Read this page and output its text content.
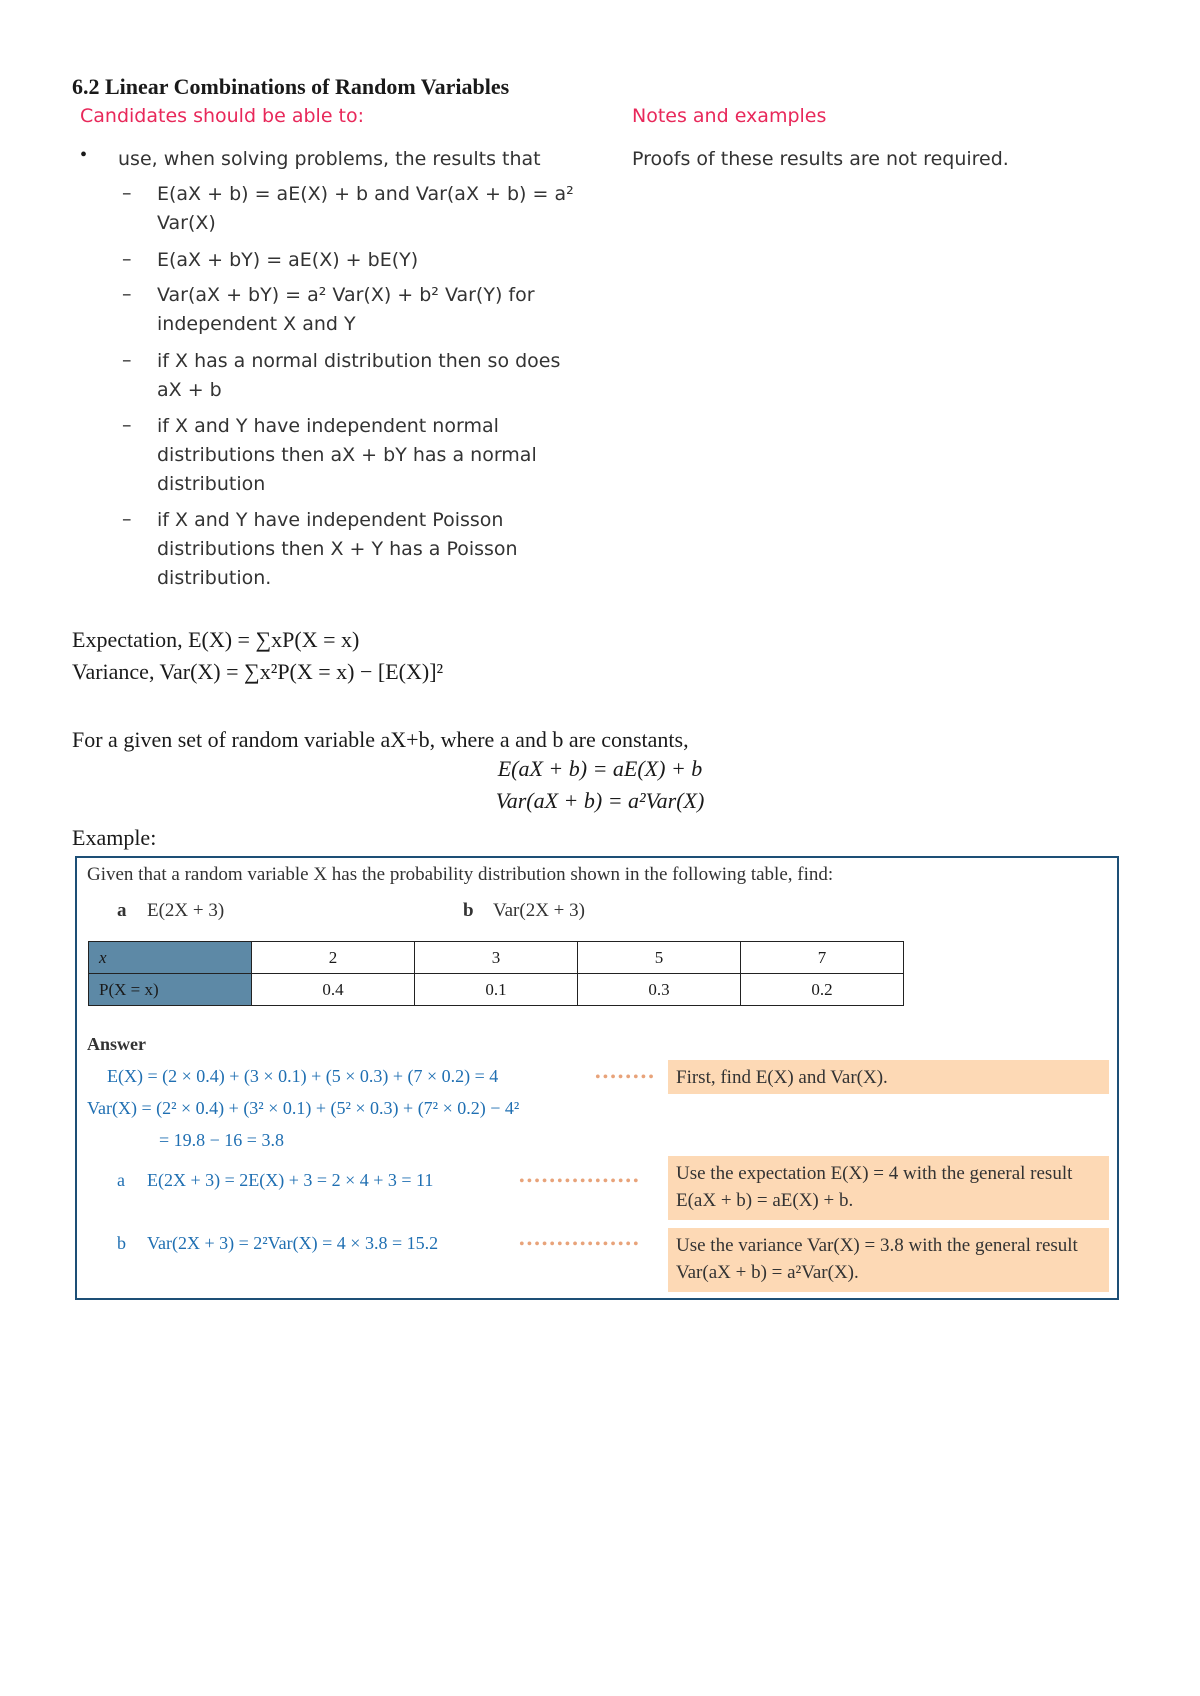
6.2 Linear Combinations of Random Variables
Candidates should be able to:	Notes and examples
• use, when solving problems, the results that	Proofs of these results are not required.
– E(aX + b) = aE(X) + b and Var(aX + b) = a² Var(X)
– E(aX + bY) = aE(X) + bE(Y)
– Var(aX + bY) = a² Var(X) + b² Var(Y) for independent X and Y
– if X has a normal distribution then so does aX + b
– if X and Y have independent normal distributions then aX + bY has a normal distribution
– if X and Y have independent Poisson distributions then X + Y has a Poisson distribution.
Expectation, E(X) = ∑xP(X = x)
Variance, Var(X) = ∑x²P(X = x) − [E(X)]²
For a given set of random variable aX+b, where a and b are constants,
E(aX + b) = aE(X) + b
Var(aX + b) = a²Var(X)
Example:
Given that a random variable X has the probability distribution shown in the following table, find:
a E(2X + 3)	b Var(2X + 3)
x	2	3	5	7
P(X = x)	0.4	0.1	0.3	0.2
Answer
E(X) = (2 × 0.4) + (3 × 0.1) + (5 × 0.3) + (7 × 0.2) = 4	••••••••	First, find E(X) and Var(X).
Var(X) = (2² × 0.4) + (3² × 0.1) + (5² × 0.3) + (7² × 0.2) − 4²
= 19.8 − 16 = 3.8
a E(2X + 3) = 2E(X) + 3 = 2 × 4 + 3 = 11	••••••••••••••••	Use the expectation E(X) = 4 with the general result E(aX + b) = aE(X) + b.
b Var(2X + 3) = 2²Var(X) = 4 × 3.8 = 15.2	••••••••••••••••	Use the variance Var(X) = 3.8 with the general result Var(aX + b) = a²Var(X).
